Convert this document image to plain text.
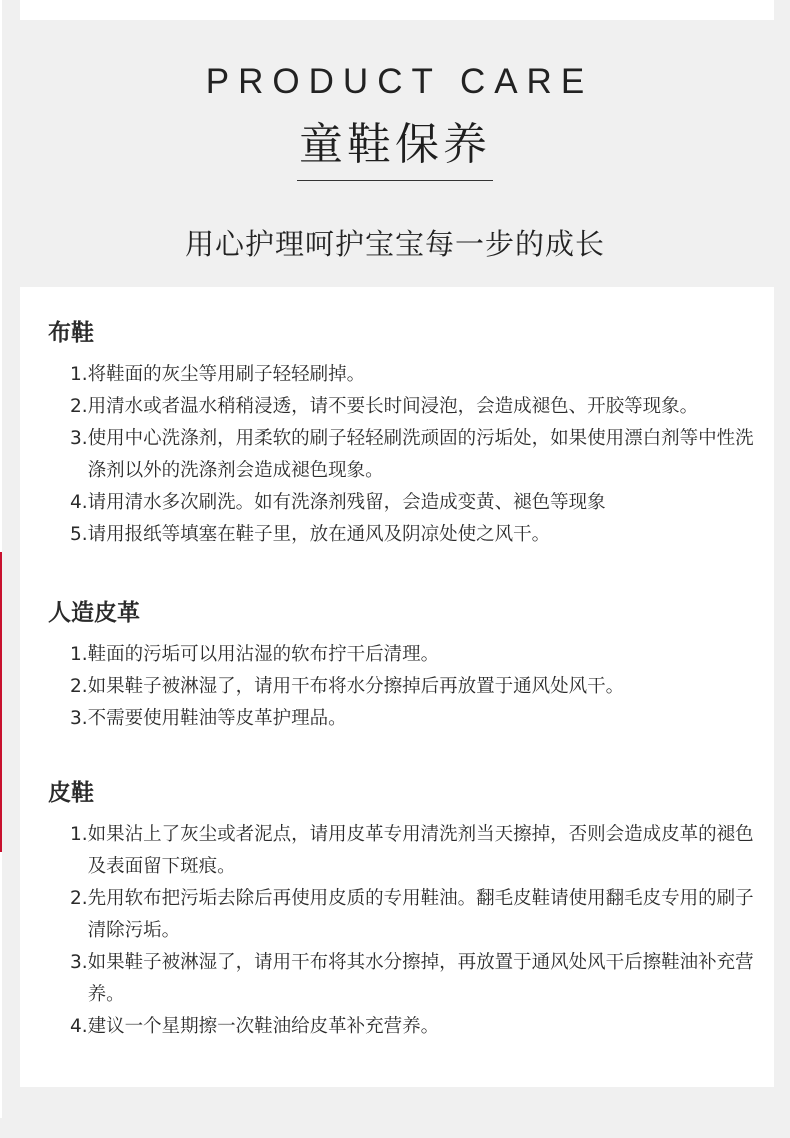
PRODUCT CARE
童鞋保养
用心护理呵护宝宝每一步的成长
布鞋
1. 将鞋面的灰尘等用刷子轻轻刷掉。
2. 用清水或者温水稍稍浸透，请不要长时间浸泡，会造成褪色、开胶等现象。
3. 使用中心洗涤剂，用柔软的刷子轻轻刷洗顽固的污垢处，如果使用漂白剂等中性洗涤剂以外的洗涤剂会造成褪色现象。
4. 请用清水多次刷洗。如有洗涤剂残留，会造成变黄、褪色等现象
5. 请用报纸等填塞在鞋子里，放在通风及阴凉处使之风干。
人造皮革
1. 鞋面的污垢可以用沾湿的软布拧干后清理。
2. 如果鞋子被淋湿了，请用干布将水分擦掉后再放置于通风处风干。
3. 不需要使用鞋油等皮革护理品。
皮鞋
1. 如果沾上了灰尘或者泥点，请用皮革专用清洗剂当天擦掉，否则会造成皮革的褪色及表面留下斑痕。
2. 先用软布把污垢去除后再使用皮质的专用鞋油。翻毛皮鞋请使用翻毛皮专用的刷子清除污垢。
3. 如果鞋子被淋湿了，请用干布将其水分擦掉，再放置于通风处风干后擦鞋油补充营养。
4. 建议一个星期擦一次鞋油给皮革补充营养。
